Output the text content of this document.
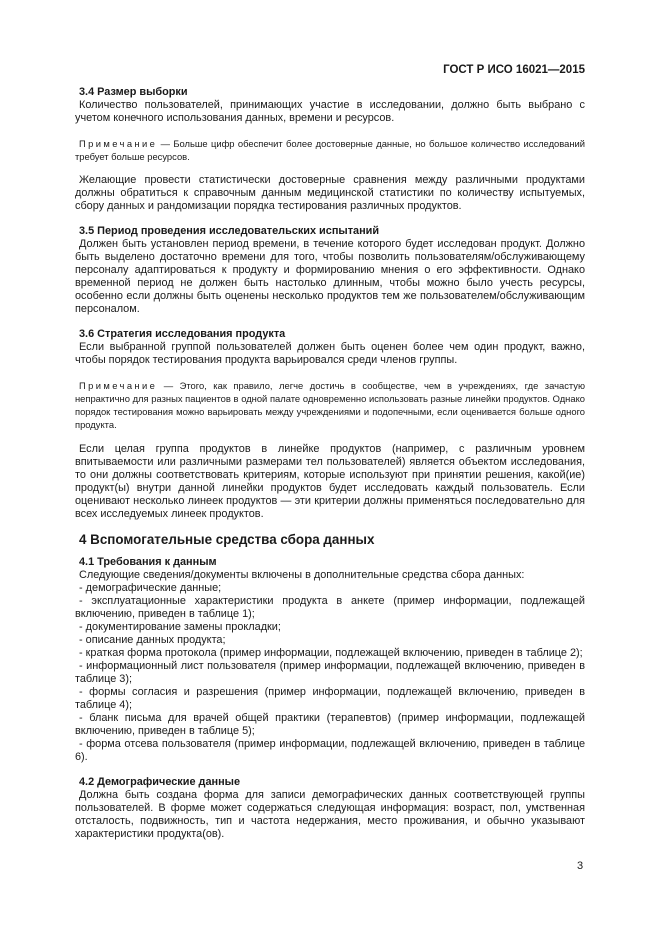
ГОСТ Р ИСО 16021—2015

3.4 Размер выборки

Количество пользователей, принимающих участие в исследовании, должно быть выбрано с учетом конечного использования данных, времени и ресурсов.

Примечание — Больше цифр обеспечит более достоверные данные, но большое количество исследований требует больше ресурсов.

Желающие провести статистически достоверные сравнения между различными продуктами должны обратиться к справочным данным медицинской статистики по количеству испытуемых, сбору данных и рандомизации порядка тестирования различных продуктов.

3.5 Период проведения исследовательских испытаний

Должен быть установлен период времени, в течение которого будет исследован продукт. Должно быть выделено достаточно времени для того, чтобы позволить пользователям/обслуживающему персоналу адаптироваться к продукту и формированию мнения о его эффективности. Однако временной период не должен быть настолько длинным, чтобы можно было учесть ресурсы, особенно если должны быть оценены несколько продуктов тем же пользователем/обслуживающим персоналом.

3.6 Стратегия исследования продукта

Если выбранной группой пользователей должен быть оценен более чем один продукт, важно, чтобы порядок тестирования продукта варьировался среди членов группы.

Примечание — Этого, как правило, легче достичь в сообществе, чем в учреждениях, где зачастую непрактично для разных пациентов в одной палате одновременно использовать разные линейки продуктов. Однако порядок тестирования можно варьировать между учреждениями и подопечными, если оценивается больше одного продукта.

Если целая группа продуктов в линейке продуктов (например, с различным уровнем впитываемости или различными размерами тел пользователей) является объектом исследования, то они должны соответствовать критериям, которые используют при принятии решения, какой(ие) продукт(ы) внутри данной линейки продуктов будет исследовать каждый пользователь. Если оценивают несколько линеек продуктов — эти критерии должны применяться последовательно для всех исследуемых линеек продуктов.

4 Вспомогательные средства сбора данных

4.1 Требования к данным

Следующие сведения/документы включены в дополнительные средства сбора данных:

- демографические данные;

- эксплуатационные характеристики продукта в анкете (пример информации, подлежащей включению, приведен в таблице 1);

- документирование замены прокладки;

- описание данных продукта;

- краткая форма протокола (пример информации, подлежащей включению, приведен в таблице 2);

- информационный лист пользователя (пример информации, подлежащей включению, приведен в таблице 3);

- формы согласия и разрешения (пример информации, подлежащей включению, приведен в таблице 4);

- бланк письма для врачей общей практики (терапевтов) (пример информации, подлежащей включению, приведен в таблице 5);

- форма отсева пользователя (пример информации, подлежащей включению, приведен в таблице 6).

4.2 Демографические данные

Должна быть создана форма для записи демографических данных соответствующей группы пользователей. В форме может содержаться следующая информация: возраст, пол, умственная отсталость, подвижность, тип и частота недержания, место проживания, и обычно указывают характеристики продукта(ов).

3
